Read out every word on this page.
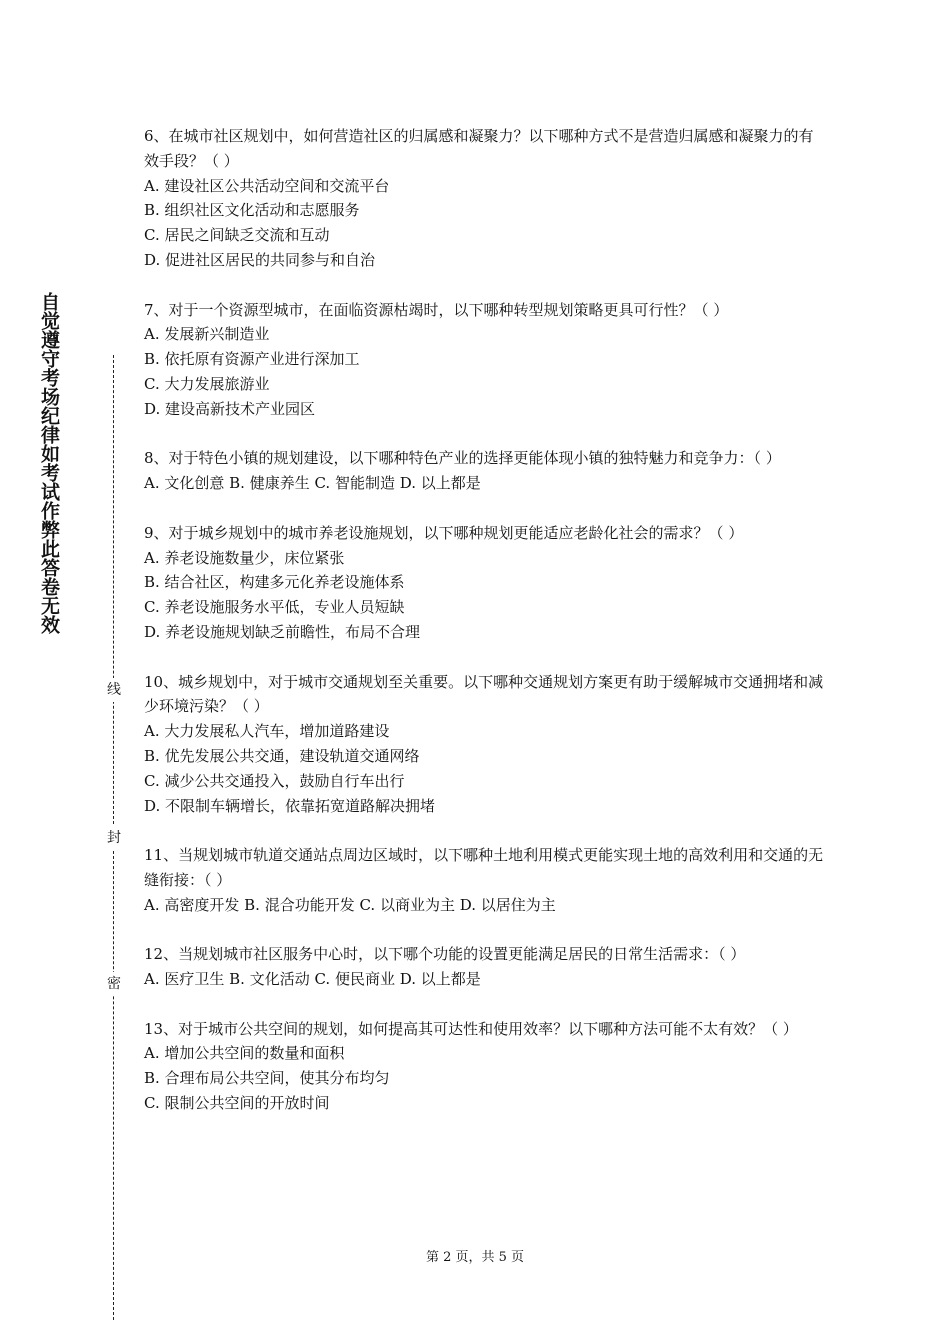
自觉遵守考场纪律如考试作弊此答卷无效
线
封
密

6、在城市社区规划中，如何营造社区的归属感和凝聚力？以下哪种方式不是营造归属感和凝聚力的有效手段？（ ）

A. 建设社区公共活动空间和交流平台

B. 组织社区文化活动和志愿服务

C. 居民之间缺乏交流和互动

D. 促进社区居民的共同参与和自治

7、对于一个资源型城市，在面临资源枯竭时，以下哪种转型规划策略更具可行性？（ ）

A. 发展新兴制造业

B. 依托原有资源产业进行深加工

C. 大力发展旅游业

D. 建设高新技术产业园区

8、对于特色小镇的规划建设，以下哪种特色产业的选择更能体现小镇的独特魅力和竞争力：（ ）

A. 文化创意 B. 健康养生 C. 智能制造 D. 以上都是

9、对于城乡规划中的城市养老设施规划，以下哪种规划更能适应老龄化社会的需求？（ ）

A. 养老设施数量少，床位紧张

B. 结合社区，构建多元化养老设施体系

C. 养老设施服务水平低，专业人员短缺

D. 养老设施规划缺乏前瞻性，布局不合理

10、城乡规划中，对于城市交通规划至关重要。以下哪种交通规划方案更有助于缓解城市交通拥堵和减少环境污染？（ ）

A. 大力发展私人汽车，增加道路建设

B. 优先发展公共交通，建设轨道交通网络

C. 减少公共交通投入，鼓励自行车出行

D. 不限制车辆增长，依靠拓宽道路解决拥堵

11、当规划城市轨道交通站点周边区域时，以下哪种土地利用模式更能实现土地的高效利用和交通的无缝衔接：（ ）

A. 高密度开发 B. 混合功能开发 C. 以商业为主 D. 以居住为主

12、当规划城市社区服务中心时，以下哪个功能的设置更能满足居民的日常生活需求：（ ）

A. 医疗卫生 B. 文化活动 C. 便民商业 D. 以上都是

13、对于城市公共空间的规划，如何提高其可达性和使用效率？以下哪种方法可能不太有效？（ ）

A. 增加公共空间的数量和面积

B. 合理布局公共空间，使其分布均匀

C. 限制公共空间的开放时间

第 2 页，共 5 页
